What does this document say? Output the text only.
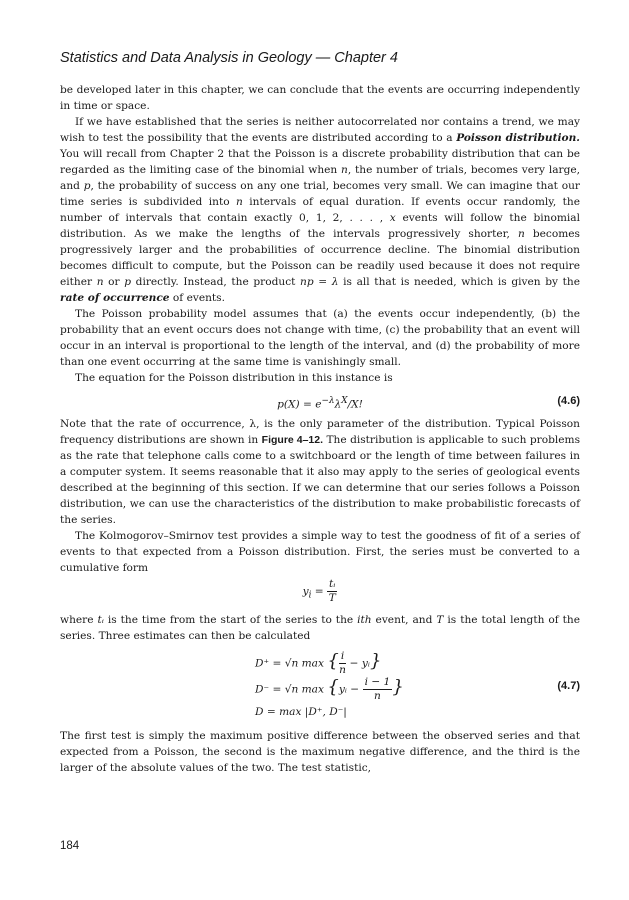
Statistics and Data Analysis in Geology — Chapter 4

be developed later in this chapter, we can conclude that the events are occurring independently in time or space.

If we have established that the series is neither autocorrelated nor contains a trend, we may wish to test the possibility that the events are distributed according to a Poisson distribution. You will recall from Chapter 2 that the Poisson is a discrete probability distribution that can be regarded as the limiting case of the binomial when n, the number of trials, becomes very large, and p, the probability of success on any one trial, becomes very small. We can imagine that our time series is subdivided into n intervals of equal duration. If events occur randomly, the number of intervals that contain exactly 0, 1, 2, . . . , x events will follow the binomial distribution. As we make the lengths of the intervals progressively shorter, n becomes progressively larger and the probabilities of occurrence decline. The binomial distribution becomes difficult to compute, but the Poisson can be readily used because it does not require either n or p directly. Instead, the product np = λ is all that is needed, which is given by the rate of occurrence of events.

The Poisson probability model assumes that (a) the events occur independently, (b) the probability that an event occurs does not change with time, (c) the probability that an event will occur in an interval is proportional to the length of the interval, and (d) the probability of more than one event occurring at the same time is vanishingly small.

The equation for the Poisson distribution in this instance is

$p(X) = e^{-\lambda}\lambda^X/X$!	(4.6)

Note that the rate of occurrence, λ, is the only parameter of the distribution. Typical Poisson frequency distributions are shown in Figure 4–12. The distribution is applicable to such problems as the rate that telephone calls come to a switchboard or the length of time between failures in a computer system. It seems reasonable that it also may apply to the series of geological events described at the beginning of this section. If we can determine that our series follows a Poisson distribution, we can use the characteristics of the distribution to make probabilistic forecasts of the series.

The Kolmogorov–Smirnov test provides a simple way to test the goodness of fit of a series of events to that expected from a Poisson distribution. First, the series must be converted to a cumulative form

$y_i = \frac{\text{tᵢ}}{T}$

where tᵢ is the time from the start of the series to the ith event, and T is the total length of the series. Three estimates can then be calculated

D⁺ = √n max { $\frac{i}{n}$ − yᵢ}
D⁻ = √n max {yᵢ − $\frac{i - 1}{n}$ }
D = max |D⁺, D⁻|
(4.7)

The first test is simply the maximum positive difference between the observed series and that expected from a Poisson, the second is the maximum negative difference, and the third is the larger of the absolute values of the two. The test statistic,

184
